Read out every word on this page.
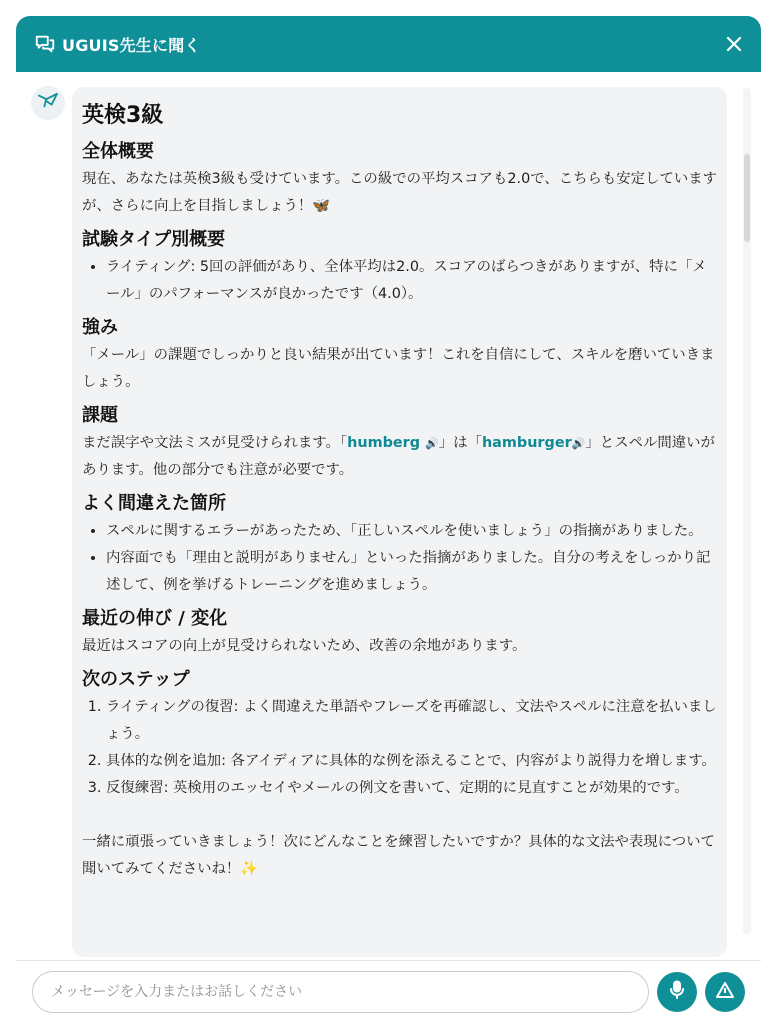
UGUIS先生に聞く
英検3級
全体概要

現在、あなたは英検3級も受けています。この級での平均スコアも2.0で、こちらも安定していますが、さらに向上を目指しましょう！🦋

試験タイプ別概要
• ライティング: 5回の評価があり、全体平均は2.0。スコアのばらつきがありますが、特に「メール」のパフォーマンスが良かったです（4.0）。
強み

「メール」の課題でしっかりと良い結果が出ています！これを自信にして、スキルを磨いていきましょう。

課題

まだ誤字や文法ミスが見受けられます。「humberg 🔊」は「hamburger🔊」とスペル間違いがあります。他の部分でも注意が必要です。

よく間違えた箇所
• スペルに関するエラーがあったため、「正しいスペルを使いましょう」の指摘がありました。
• 内容面でも「理由と説明がありません」といった指摘がありました。自分の考えをしっかり記述して、例を挙げるトレーニングを進めましょう。
最近の伸び / 変化

最近はスコアの向上が見受けられないため、改善の余地があります。

次のステップ
1. ライティングの復習: よく間違えた単語やフレーズを再確認し、文法やスペルに注意を払いましょう。
2. 具体的な例を追加: 各アイディアに具体的な例を添えることで、内容がより説得力を増します。
3. 反復練習: 英検用のエッセイやメールの例文を書いて、定期的に見直すことが効果的です。

一緒に頑張っていきましょう！次にどんなことを練習したいですか？具体的な文法や表現について聞いてみてくださいね！✨

メッセージを入力またはお話しください
